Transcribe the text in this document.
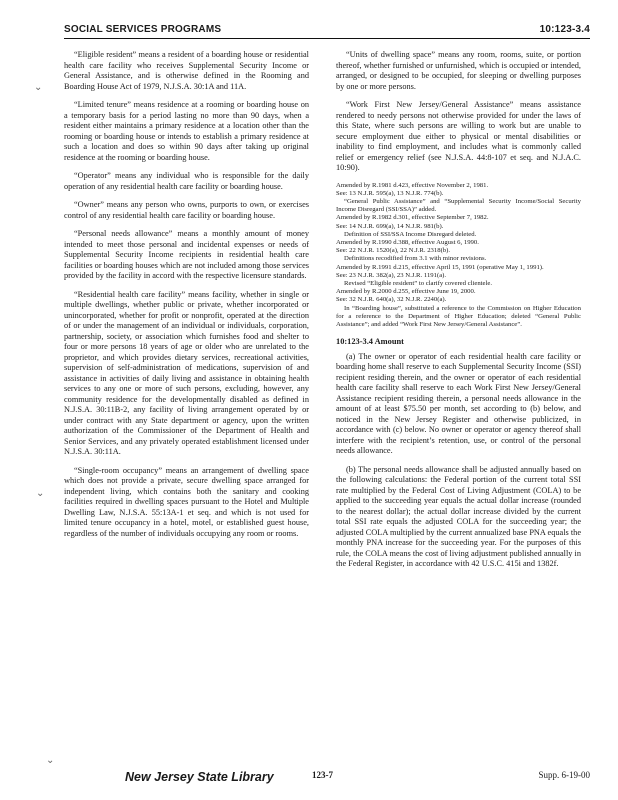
SOCIAL SERVICES PROGRAMS	10:123-3.4
⌄
⌄
⌄

“Eligible resident” means a resident of a boarding house or residential health care facility who receives Supplemental Security Income or General Assistance, and is otherwise defined in the Rooming and Boarding House Act of 1979, N.J.S.A. 30:1A and 11A.

“Limited tenure” means residence at a rooming or boarding house on a temporary basis for a period lasting no more than 90 days, when a resident either maintains a primary residence at a location other than the rooming or boarding house or intends to establish a primary residence at such a location and does so within 90 days after taking up original residence at the rooming or boarding house.

“Operator” means any individual who is responsible for the daily operation of any residential health care facility or boarding house.

“Owner” means any person who owns, purports to own, or exercises control of any residential health care facility or boarding house.

“Personal needs allowance” means a monthly amount of money intended to meet those personal and incidental expenses or needs of Supplemental Security Income recipients in residential health care facilities or boarding houses which are not included among those services provided by the facility in accord with the respective licensure standards.

“Residential health care facility” means facility, whether in single or multiple dwellings, whether public or private, whether incorporated or unincorporated, whether for profit or nonprofit, operated at the direction of or under the management of an individual or individuals, corporation, partnership, society, or association which furnishes food and shelter to four or more persons 18 years of age or older who are unrelated to the proprietor, and which provides dietary services, recreational activities, supervision of self-administration of medications, supervision of and assistance in activities of daily living and assistance in obtaining health services to any one or more of such persons, excluding, however, any community residence for the developmentally disabled as defined in N.J.S.A. 30:11B-2, any facility of living arrangement operated by or under contract with any State department or agency, upon the written authorization of the Commissioner of the Department of Health and Senior Services, and any privately operated establishment licensed under N.J.S.A. 30:11A.

“Single-room occupancy” means an arrangement of dwelling space which does not provide a private, secure dwelling space arranged for independent living, which contains both the sanitary and cooking facilities required in dwelling spaces pursuant to the Hotel and Multiple Dwelling Law, N.J.S.A. 55:13A-1 et seq. and which is not used for limited tenure occupancy in a hotel, motel, or established guest house, regardless of the number of individuals occupying any room or rooms.

“Units of dwelling space” means any room, rooms, suite, or portion thereof, whether furnished or unfurnished, which is occupied or intended, arranged, or designed to be occupied, for sleeping or dwelling purposes by one or more persons.

“Work First New Jersey/General Assistance” means assistance rendered to needy persons not otherwise provided for under the laws of this State, where such persons are willing to work but are unable to secure employment due either to physical or mental disabilities or inability to find employment, and includes what is commonly called relief or emergency relief (see N.J.S.A. 44:8-107 et seq. and N.J.A.C. 10:90).

Amended by R.1981 d.423, effective November 2, 1981.

See: 13 N.J.R. 595(a), 13 N.J.R. 774(b).

“General Public Assistance” and “Supplemental Security Income/Social Security Income Disregard (SSI/SSA)” added.

Amended by R.1982 d.301, effective September 7, 1982.

See: 14 N.J.R. 699(a), 14 N.J.R. 981(b).

Definition of SSI/SSA Income Disregard deleted.

Amended by R.1990 d.388, effective August 6, 1990.

See: 22 N.J.R. 1520(a), 22 N.J.R. 2318(b).

Definitions recodified from 3.1 with minor revisions.

Amended by R.1991 d.215, effective April 15, 1991 (operative May 1, 1991).

See: 23 N.J.R. 382(a), 23 N.J.R. 1191(a).

Revised “Eligible resident” to clarify covered clientele.

Amended by R.2000 d.255, effective June 19, 2000.

See: 32 N.J.R. 640(a), 32 N.J.R. 2240(a).

In “Boarding house”, substituted a reference to the Commission on Higher Education for a reference to the Department of Higher Education; deleted “General Public Assistance”; and added “Work First New Jersey/General Assistance”.

10:123-3.4 Amount

(a) The owner or operator of each residential health care facility or boarding home shall reserve to each Supplemental Security Income (SSI) recipient residing therein, and the owner or operator of each residential health care facility shall reserve to each Work First New Jersey/General Assistance recipient residing therein, a personal needs allowance in the amount of at least $75.50 per month, set according to (b) below, and noticed in the New Jersey Register and otherwise publicized, in accordance with (c) below. No owner or operator or agency thereof shall interfere with the recipient’s retention, use, or control of the personal needs allowance.

(b) The personal needs allowance shall be adjusted annually based on the following calculations: the Federal portion of the current total SSI rate multiplied by the Federal Cost of Living Adjustment (COLA) to be applied to the succeeding year equals the actual dollar increase (rounded to the nearest dollar); the actual dollar increase divided by the current total SSI rate equals the adjusted COLA for the succeeding year; the adjusted COLA multiplied by the current annualized base PNA equals the monthly PNA increase for the succeeding year. For the purposes of this rule, the COLA means the cost of living adjustment published annually in the Federal Register, in accordance with 42 U.S.C. 415i and 1382f.

New Jersey State Library	123-7	Supp. 6-19-00
